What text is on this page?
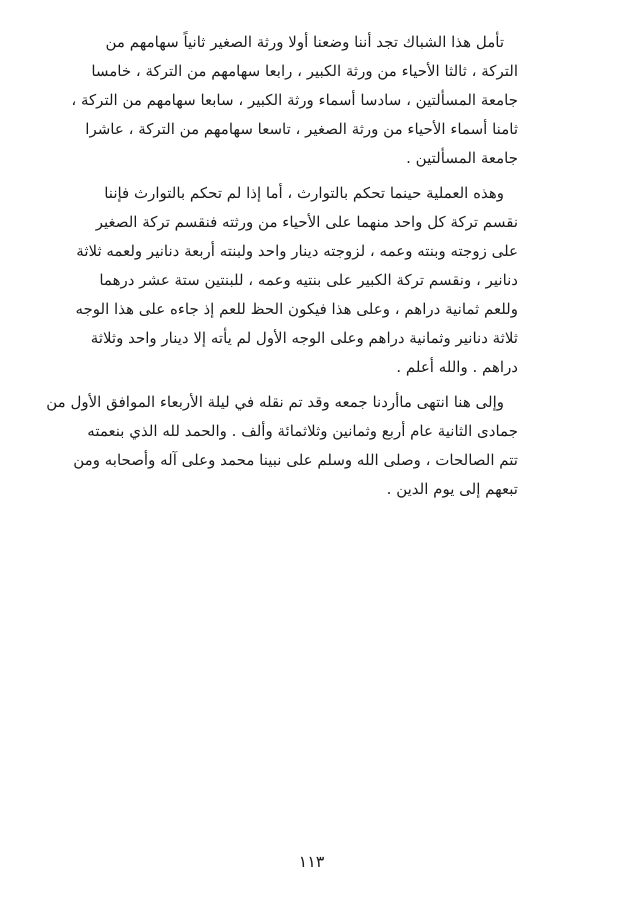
تأمل هذا الشباك تجد أننا وضعنا أولا ورثة الصغير ثانياً سهامهم من
التركة ، ثالثا الأحياء من ورثة الكبير ، رابعا سهامهم من التركة ، خامسا
جامعة المسألتين ، سادسا أسماء ورثة الكبير ، سابعا سهامهم من التركة ،
ثامنا أسماء الأحياء من ورثة الصغير ، تاسعا سهامهم من التركة ، عاشرا
جامعة المسألتين .

وهذه العملية حينما تحكم بالتوارث ، أما إذا لم تحكم بالتوارث فإننا
نقسم تركة كل واحد منهما على الأحياء من ورثته فنقسم تركة الصغير
على زوجته وبنته وعمه ، لزوجته دينار واحد ولبنته أربعة دنانير ولعمه ثلاثة
دنانير ، ونقسم تركة الكبير على بنتيه وعمه ، للبنتين ستة عشر درهما
وللعم ثمانية دراهم ، وعلى هذا فيكون الحظ للعم إذ جاءه على هذا الوجه
ثلاثة دنانير وثمانية دراهم وعلى الوجه الأول لم يأته إلا دينار واحد وثلاثة
دراهم . والله أعلم .

وإلى هنا انتهى ماأردنا جمعه وقد تم نقله في ليلة الأربعاء الموافق الأول من
جمادى الثانية عام أربع وثمانين وثلاثمائة وألف . والحمد لله الذي بنعمته
تتم الصالحات ، وصلى الله وسلم على نبينا محمد وعلى آله وأصحابه ومن
تبعهم إلى يوم الدين .

١١٣
